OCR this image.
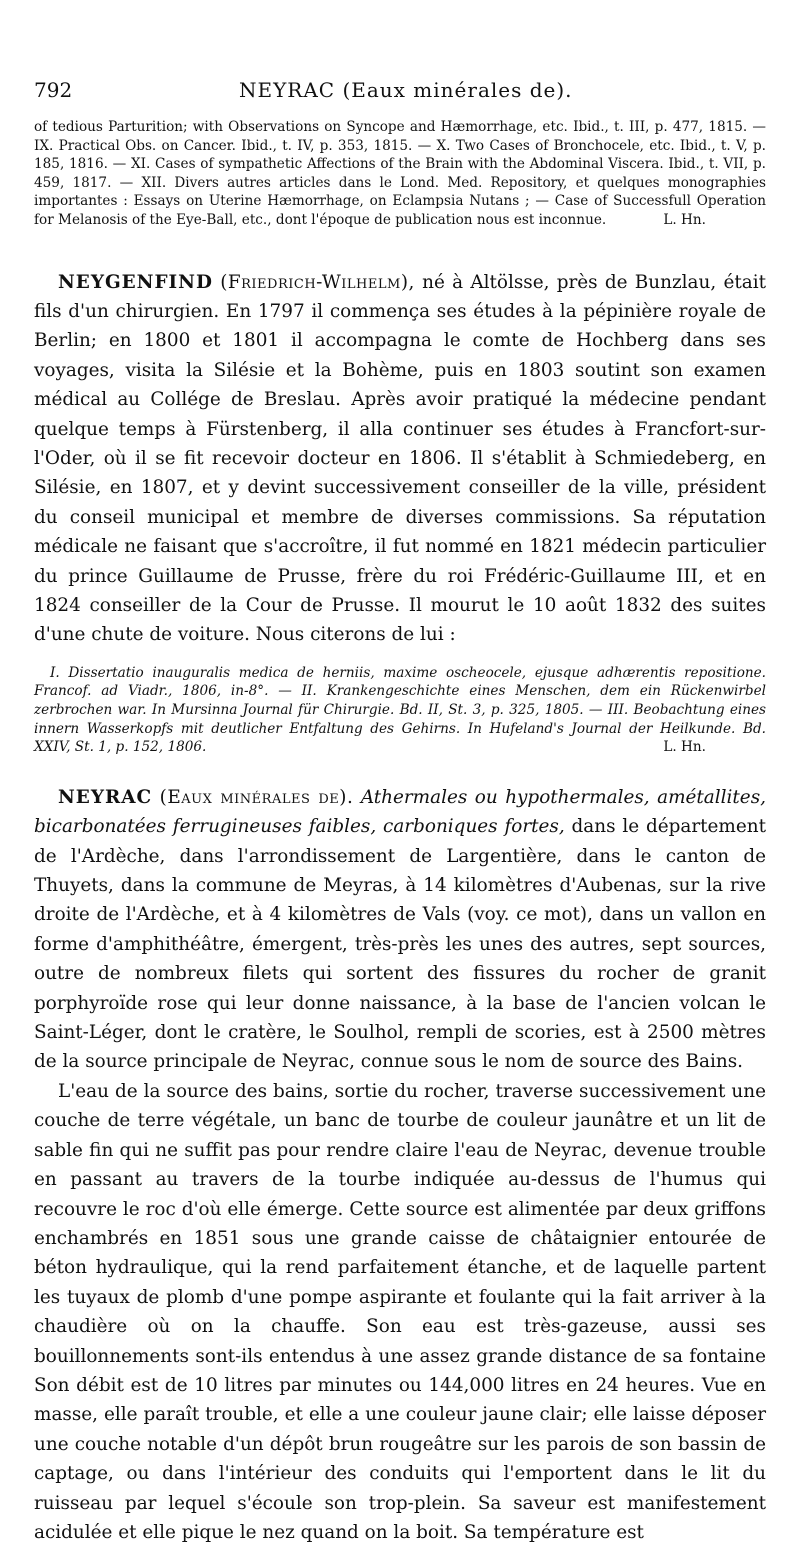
792	NEYRAC (Eaux minérales de).
of tedious Parturition; with Observations on Syncope and Hæmorrhage, etc. Ibid., t. III, p. 477, 1815. — IX. Practical Obs. on Cancer. Ibid., t. IV, p. 353, 1815. — X. Two Cases of Bronchocele, etc. Ibid., t. V, p. 185, 1816. — XI. Cases of sympathetic Affections of the Brain with the Abdominal Viscera. Ibid., t. VII, p. 459, 1817. — XII. Divers autres articles dans le Lond. Med. Repository, et quelques monographies importantes : Essays on Uterine Hæmorrhage, on Eclampsia Nutans ; — Case of Successfull Operation for Melanosis of the Eye-Ball, etc., dont l'époque de publication nous est inconnue.	L. Hn.
NEYGENFIND (Friedrich-Wilhelm), né à Altölsse, près de Bunzlau, était fils d'un chirurgien. En 1797 il commença ses études à la pépinière royale de Berlin; en 1800 et 1801 il accompagna le comte de Hochberg dans ses voyages, visita la Silésie et la Bohème, puis en 1803 soutint son examen médical au Collége de Breslau. Après avoir pratiqué la médecine pendant quelque temps à Fürstenberg, il alla continuer ses études à Francfort-sur-l'Oder, où il se fit recevoir docteur en 1806. Il s'établit à Schmiedeberg, en Silésie, en 1807, et y devint successivement conseiller de la ville, président du conseil municipal et membre de diverses commissions. Sa réputation médicale ne faisant que s'accroître, il fut nommé en 1821 médecin particulier du prince Guillaume de Prusse, frère du roi Frédéric-Guillaume III, et en 1824 conseiller de la Cour de Prusse. Il mourut le 10 août 1832 des suites d'une chute de voiture. Nous citerons de lui :
I. Dissertatio inauguralis medica de herniis, maxime oscheocele, ejusque adhærentis repositione. Francof. ad Viadr., 1806, in-8°. — II. Krankengeschichte eines Menschen, dem ein Rückenwirbel zerbrochen war. In Mursinna Journal für Chirurgie. Bd. II, St. 3, p. 325, 1805. — III. Beobachtung eines innern Wasserkopfs mit deutlicher Entfaltung des Gehirns. In Hufeland's Journal der Heilkunde. Bd. XXIV, St. 1, p. 152, 1806.	L. Hn.
NEYRAC (Eaux minérales de). Athermales ou hypothermales, amétallites, bicarbonatées ferrugineuses faibles, carboniques fortes, dans le département de l'Ardèche, dans l'arrondissement de Largentière, dans le canton de Thuyets, dans la commune de Meyras, à 14 kilomètres d'Aubenas, sur la rive droite de l'Ardèche, et à 4 kilomètres de Vals (voy. ce mot), dans un vallon en forme d'amphithéâtre, émergent, très-près les unes des autres, sept sources, outre de nombreux filets qui sortent des fissures du rocher de granit porphyroïde rose qui leur donne naissance, à la base de l'ancien volcan le Saint-Léger, dont le cratère, le Soulhol, rempli de scories, est à 2500 mètres de la source principale de Neyrac, connue sous le nom de source des Bains.
L'eau de la source des bains, sortie du rocher, traverse successivement une couche de terre végétale, un banc de tourbe de couleur jaunâtre et un lit de sable fin qui ne suffit pas pour rendre claire l'eau de Neyrac, devenue trouble en passant au travers de la tourbe indiquée au-dessus de l'humus qui recouvre le roc d'où elle émerge. Cette source est alimentée par deux griffons enchambrés en 1851 sous une grande caisse de châtaignier entourée de béton hydraulique, qui la rend parfaitement étanche, et de laquelle partent les tuyaux de plomb d'une pompe aspirante et foulante qui la fait arriver à la chaudière où on la chauffe. Son eau est très-gazeuse, aussi ses bouillonnements sont-ils entendus à une assez grande distance de sa fontaine Son débit est de 10 litres par minutes ou 144,000 litres en 24 heures. Vue en masse, elle paraît trouble, et elle a une couleur jaune clair; elle laisse déposer une couche notable d'un dépôt brun rougeâtre sur les parois de son bassin de captage, ou dans l'intérieur des conduits qui l'emportent dans le lit du ruisseau par lequel s'écoule son trop-plein. Sa saveur est manifestement acidulée et elle pique le nez quand on la boit. Sa température est
